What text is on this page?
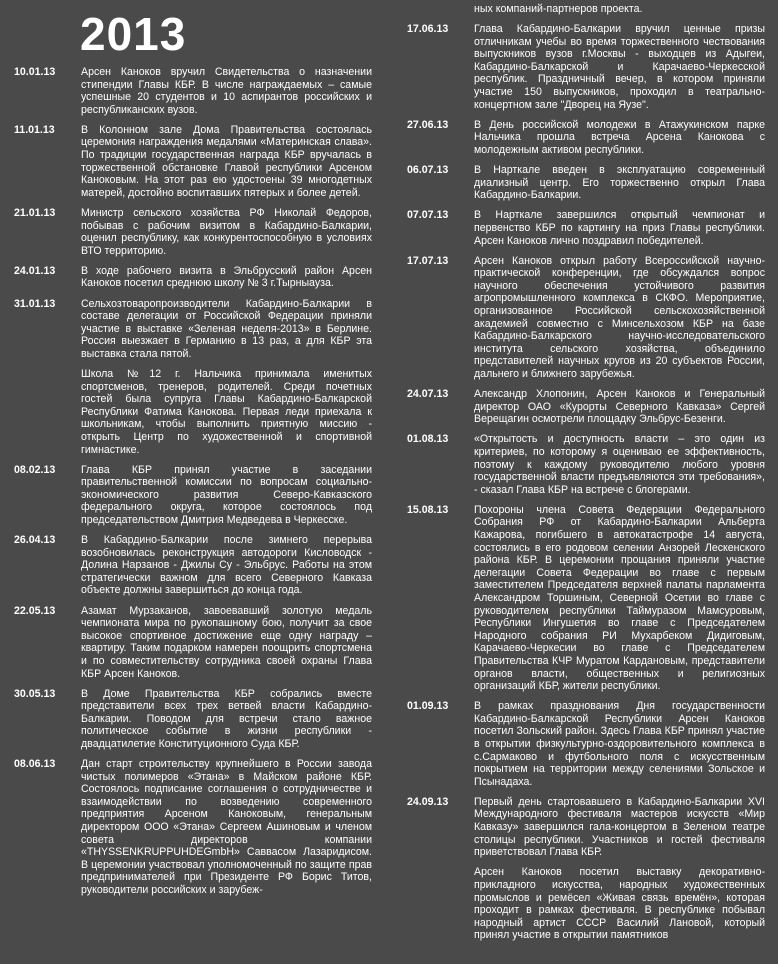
2013
10.01.13	Арсен Каноков вручил Свидетельства о назначении стипендии Главы КБР. В числе награждаемых – самые успешные 20 студентов и 10 аспирантов российских и республиканских вузов.

11.01.13	В Колонном зале Дома Правительства состоялась церемония награждения медалями «Материнская слава». По традиции государственная награда КБР вручалась в торжественной обстановке Главой республики Арсеном Каноковым. На этот раз ею удостоены 39 многодетных матерей, достойно воспитавших пятерых и более детей.

21.01.13	Министр сельского хозяйства РФ Николай Федоров, побывав с рабочим визитом в Кабардино-Балкарии, оценил республику, как конкурентоспособную в условиях ВТО территорию.

24.01.13	В ходе рабочего визита в Эльбрусский район Арсен Каноков посетил среднюю школу № 3 г.Тырныауза.

31.01.13	Сельхозтоваропроизводители Кабардино-Балкарии в составе делегации от Российской Федерации приняли участие в выставке «Зеленая неделя-2013» в Берлине. Россия выезжает в Германию в 13 раз, а для КБР эта выставка стала пятой.

Школа №12 г. Нальчика принимала именитых спортсменов, тренеров, родителей. Среди почетных гостей была супруга Главы Кабардино-Балкарской Республики Фатима Канокова. Первая леди приехала к школьникам, чтобы выполнить приятную миссию - открыть Центр по художественной и спортивной гимнастике.

08.02.13	Глава КБР принял участие в заседании правительственной комиссии по вопросам социально-экономического развития Северо-Кавказского федерального округа, которое состоялось под председательством Дмитрия Медведева в Черкесске.

26.04.13	В Кабардино-Балкарии после зимнего перерыва возобновилась реконструкция автодороги Кисловодск - Долина Нарзанов - Джилы Су - Эльбрус. Работы на этом стратегически важном для всего Северного Кавказа объекте должны завершиться до конца года.

22.05.13	Азамат Мурзаканов, завоевавший золотую медаль чемпионата мира по рукопашному бою, получит за свое высокое спортивное достижение еще одну награду – квартиру. Таким подарком намерен поощрить спортсмена и по совместительству сотрудника своей охраны Глава КБР Арсен Каноков.

30.05.13	В Доме Правительства КБР собрались вместе представители всех трех ветвей власти Кабардино-Балкарии. Поводом для встречи стало важное политическое событие в жизни республики - двадцатилетие Конституционного Суда КБР.

08.06.13	Дан старт строительству крупнейшего в России завода чистых полимеров «Этана» в Майском районе КБР. Состоялось подписание соглашения о сотрудничестве и взаимодействии по возведению современного предприятия Арсеном Каноковым, генеральным директором ООО «Этана» Сергеем Ашиновым и членом совета директоров компании «THYSSENKRUPPUHDEGmbH» Саввасом Лазаридисом. В церемонии участвовал уполномоченный по защите прав предпринимателей при Президенте РФ Борис Титов, руководители российских и зарубеж-

ных компаний-партнеров проекта.

17.06.13	Глава Кабардино-Балкарии вручил ценные призы отличникам учебы во время торжественного чествования выпускников вузов г.Москвы - выходцев из Адыгеи, Кабардино-Балкарской и Карачаево-Черкесской республик. Праздничный вечер, в котором приняли участие 150 выпускников, проходил в театрально-концертном зале "Дворец на Яузе".

27.06.13	В День российской молодежи в Атажукинском парке Нальчика прошла встреча Арсена Канокова с молодежным активом республики.

06.07.13	В Нарткале введен в эксплуатацию современный диализный центр. Его торжественно открыл Глава Кабардино-Балкарии.

07.07.13	В Нарткале завершился открытый чемпионат и первенство КБР по картингу на приз Главы республики. Арсен Каноков лично поздравил победителей.

17.07.13	Арсен Каноков открыл работу Всероссийской научно-практической конференции, где обсуждался вопрос научного обеспечения устойчивого развития агропромышленного комплекса в СКФО. Мероприятие, организованное Российской сельскохозяйственной академией совместно с Минсельхозом КБР на базе Кабардино-Балкарского научно-исследовательского института сельского хозяйства, объединило представителей научных кругов из 20 субъектов России, дальнего и ближнего зарубежья.

24.07.13	Александр Хлопонин, Арсен Каноков и Генеральный директор ОАО «Курорты Северного Кавказа» Сергей Верещагин осмотрели площадку Эльбрус-Безенги.

01.08.13	«Открытость и доступность власти – это один из критериев, по которому я оцениваю ее эффективность, поэтому к каждому руководителю любого уровня государственной власти предъявляются эти требования», - сказал Глава КБР на встрече с блогерами.

15.08.13	Похороны члена Совета Федерации Федерального Собрания РФ от Кабардино-Балкарии Альберта Кажарова, погибшего в автокатастрофе 14 августа, состоялись в его родовом селении Анзорей Лескенского района КБР. В церемонии прощания приняли участие делегации Совета Федерации во главе с первым заместителем Председателя верхней палаты парламента Александром Торшиным, Северной Осетии во главе с руководителем республики Таймуразом Мамсуровым, Республики Ингушетия во главе с Председателем Народного собрания РИ Мухарбеком Дидиговым, Карачаево-Черкесии во главе с Председателем Правительства КЧР Муратом Кардановым, представители органов власти, общественных и религиозных организаций КБР, жители республики.

01.09.13	В рамках празднования Дня государственности Кабардино-Балкарской Республики Арсен Каноков посетил Зольский район. Здесь Глава КБР принял участие в открытии физкультурно-оздоровительного комплекса в с.Сармаково и футбольного поля с искусственным покрытием на территории между селениями Зольское и Псынадаха.

24.09.13	Первый день стартовавшего в Кабардино-Балкарии XVI Международного фестиваля мастеров искусств «Мир Кавказу» завершился гала-концертом в Зеленом театре столицы республики. Участников и гостей фестиваля приветствовал Глава КБР.

Арсен Каноков посетил выставку декоративно-прикладного искусства, народных художественных промыслов и ремёсел «Живая связь времён», которая проходит в рамках фестиваля. В республике побывал народный артист СССР Василий Лановой, который принял участие в открытии памятников
